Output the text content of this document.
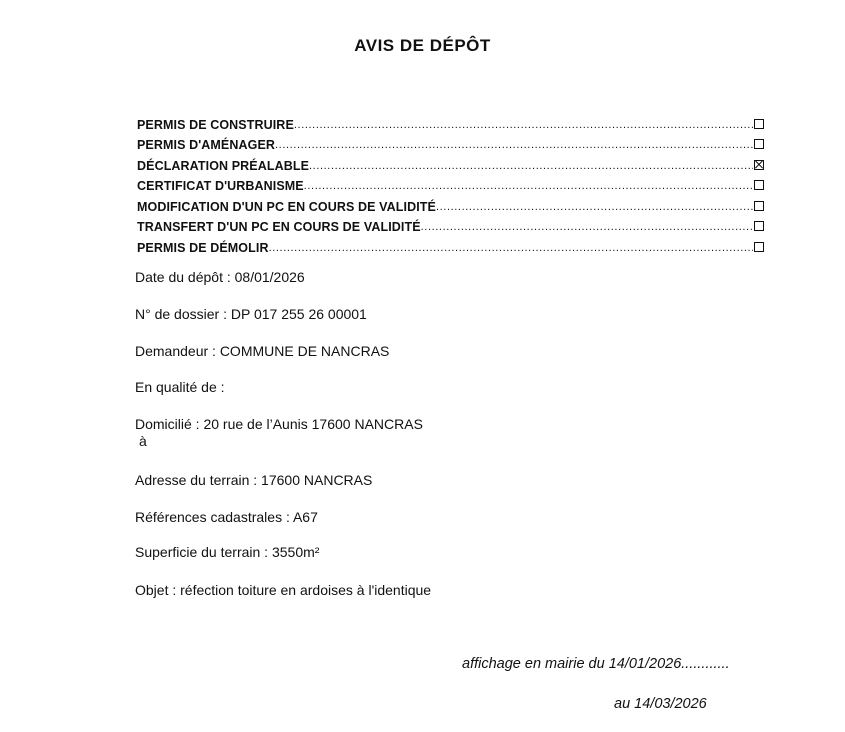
AVIS DE DÉPÔT
PERMIS DE CONSTRUIRE
.....
PERMIS D'AMÉNAGER
.....
DÉCLARATION PRÉALABLE
.....
CERTIFICAT D'URBANISME
.....
MODIFICATION D'UN PC EN COURS DE VALIDITÉ
.....
TRANSFERT D'UN PC EN COURS DE VALIDITÉ
.....
PERMIS DE DÉMOLIR
.....
Date du dépôt : 08/01/2026
N° de dossier : DP 017 255 26 00001
Demandeur : COMMUNE DE NANCRAS
En qualité de :
Domicilié : 20 rue de l’Aunis 17600 NANCRAS
à
Adresse du terrain : 17600 NANCRAS
Références cadastrales : A67
Superficie du terrain : 3550m²
Objet : réfection toiture en ardoises à l'identique
affichage en mairie du 14/01/2026............
au 14/03/2026
